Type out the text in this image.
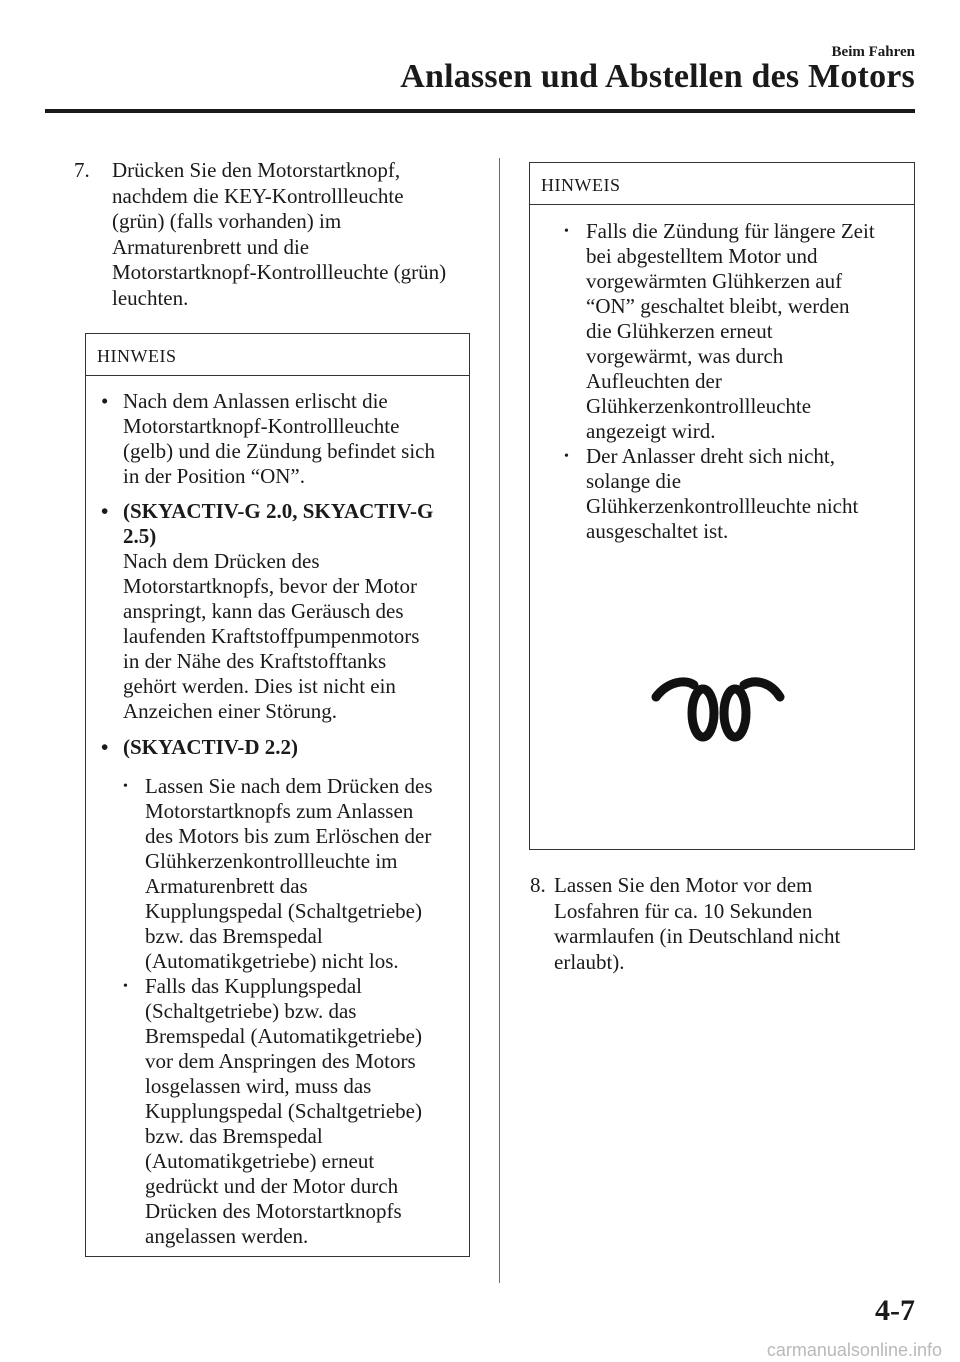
Beim Fahren
Anlassen und Abstellen des Motors
7. Drücken Sie den Motorstartknopf,
nachdem die KEY-Kontrollleuchte
(grün) (falls vorhanden) im
Armaturenbrett und die
Motorstartknopf-Kontrollleuchte (grün)
leuchten.
HINWEIS
• Nach dem Anlassen erlischt die
Motorstartknopf-Kontrollleuchte
(gelb) und die Zündung befindet sich
in der Position “ON”.
• (SKYACTIV-G 2.0, SKYACTIV-G
2.5)
Nach dem Drücken des
Motorstartknopfs, bevor der Motor
anspringt, kann das Geräusch des
laufenden Kraftstoffpumpenmotors
in der Nähe des Kraftstofftanks
gehört werden. Dies ist nicht ein
Anzeichen einer Störung.
• (SKYACTIV-D 2.2)
• Lassen Sie nach dem Drücken des
Motorstartknopfs zum Anlassen
des Motors bis zum Erlöschen der
Glühkerzenkontrollleuchte im
Armaturenbrett das
Kupplungspedal (Schaltgetriebe)
bzw. das Bremspedal
(Automatikgetriebe) nicht los.
• Falls das Kupplungspedal
(Schaltgetriebe) bzw. das
Bremspedal (Automatikgetriebe)
vor dem Anspringen des Motors
losgelassen wird, muss das
Kupplungspedal (Schaltgetriebe)
bzw. das Bremspedal
(Automatikgetriebe) erneut
gedrückt und der Motor durch
Drücken des Motorstartknopfs
angelassen werden.
HINWEIS
• Falls die Zündung für längere Zeit
bei abgestelltem Motor und
vorgewärmten Glühkerzen auf
“ON” geschaltet bleibt, werden
die Glühkerzen erneut
vorgewärmt, was durch
Aufleuchten der
Glühkerzenkontrollleuchte
angezeigt wird.
• Der Anlasser dreht sich nicht,
solange die
Glühkerzenkontrollleuchte nicht
ausgeschaltet ist.
8. Lassen Sie den Motor vor dem
Losfahren für ca. 10 Sekunden
warmlaufen (in Deutschland nicht
erlaubt).
4-7
carmanualsonline.info
